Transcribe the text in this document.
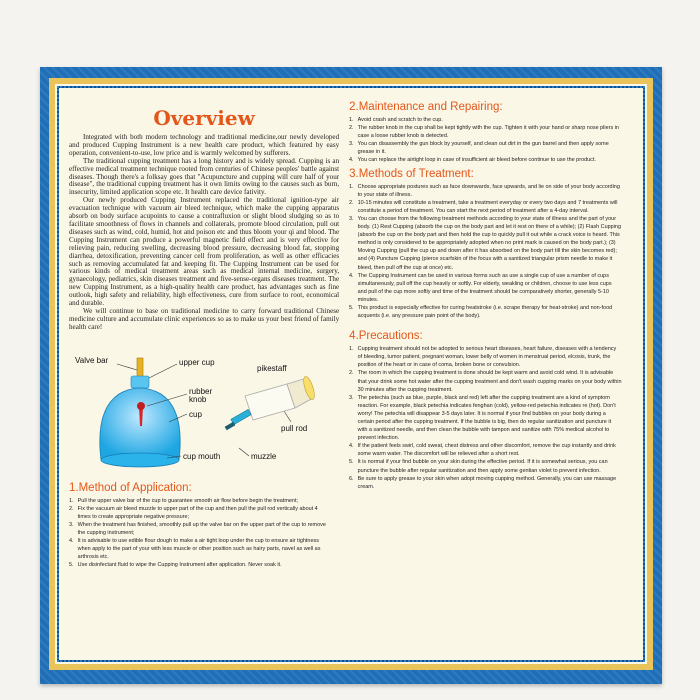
Overview

Integrated with both modern technology and traditional medicine,our newly developed and produced Cupping Instrument is a new health care product, which featured by easy operation, convenient-to-use, low price and is warmly welcomed by sufferers.

The traditional cupping treatment has a long history and is widely spread. Cupping is an effective medical treatment technique rooted from centuries of Chinese peoples' battle against diseases. Though there's a folksay goes that "Acupuncture and cupping will cure half of your disease", the traditional cupping treatment has it own limits owing to the causes such as burn, insecurity, limited application scope etc. It health care device fativity.

Our newly produced Cupping Instrument replaced the traditional ignition-type air evacuation technique with vacuum air bleed technique, which make the cupping apparatus absorb on body surface acupoints to cause a contrafluxion or slight blood sludging so as to facilitate smoothness of flows in channels and collaterals, promote blood circulation, pull out diseases such as wind, cold, humid, hot and poison etc and thus bloom your qi and blood. The Cupping Instrument can produce a powerful magnetic field effect and is very effective for relieving pain, reducing swelling, decreasing blood pressure, decreasing blood fat, stopping diarrhea, detoxification, preventing cancer cell from proliferation, as well as other efficacies such as removing accumulated fat and keeping fit. The Cupping Instrument can be used for various kinds of medical treatment areas such as medical internal medicine, surgery, gynaecology, pediatrics, skin diseases treatment and five-sense-organs diseases treatment. The new Cupping Instrument, as a high-quality health care product, has advantages such as fine outlook, high safety and reliability, high effectiveness, cure from surface to root, economical and durable.

We will continue to base on traditional medicine to carry forward traditional Chinese medicine culture and accumulate clinic experiences so as to make us your best friend of family health care!

Valve bar	upper cup
rubber
knob
cup
cup mouth
pikestaff
pull rod
muzzle
1.Method of Application:
1. Pull the upper valve bar of the cup to guarantee smooth air flow before begin the treatment;
2. Fix the vacuum air bleed muzzle to upper part of the cup and then pull the pull rod vertically about 4 times to create appropriate negative pressure;
3. When the treatment has finished, smoothly pull up the valve bar on the upper part of the cup to remove the cupping instrument;
4. It is advisable to use edible flour dough to make a air tight loop under the cup to ensure air tightness when apply to the part of your with less muscle or other position such as hairy parts, navel as well as arthrosis etc.
5. Use disinfectant fluid to wipe the Cupping Instrument after application. Never soak it.
2.Maintenance and Repairing:
1. Avoid crash and scratch to the cup.
2. The rubber knob in the cup shall be kept tightly with the cup. Tighten it with your hand or sharp nose pliers in case a loose rubber knob is detected.
3. You can disassembly the gun block by yourself, and clean out dirt in the gun barrel and then apply some grease in it.
4. You can replace the airtight loop in case of insufficient air bleed before continue to use the product.
3.Methods of Treatment:
1. Choose appropriate postures such as face downwards, face upwards, and lie on side of your body according to your state of illness.
2. 10-15 minutes will constitute a treatment, take a treatment everyday or every two days and 7 treatments will constitute a period of treatment. You can start the next period of treatment after a 4-day interval.
3. You can choose from the following treatment methods according to your state of illness and the part of your body. (1) Rest Cupping (absorb the cup on the body part and let it rest on there of a while); (2) Flash Cupping (absorb the cup on the body part and then hold the cup to quickly pull it out while a crack voice is heard. This method is only considered to be appropriately adopted when no print mark is caused on the body part.); (3) Moving Cupping (pull the cup up and down after it has absorbed on the body part till the skin becomes red); and (4) Puncture Cupping (pierce scarfskin of the focus with a sanitized triangular prism needle to make it bleed, then pull off the cup at once) etc.
4. The Cupping Instrument can be used in various forms such as use a single cup of use a number of cups simultaneously, pull off the cup heavily or softly. For elderly, weakling or children, choose to use less cups and pull of the cup more softly and time of the treatment should be comparatively shorter, generally 5-10 minutes.
5. This product is especially effective for curing heatstroke (i.e. scrape therapy for heat-stroke) and non-food acquents (i.e. any pressure pain point of the body).
4.Precautions:
1. Cupping treatment should not be adopted to serious heart diseases, heart failure, diseases with a tendency of bleeding, tumor patient, pregnant woman, lower belly of women in menstrual period, elcosis, trunk, the position of the heart or in case of coma, broken bone or convulsion.
2. The room in which the cupping treatment is done should be kept warm and avoid cold wind. It is advisable that your drink some hot water after the cupping treatment and don't wash cupping marks on your body within 30 minutes after the cupping treatment.
3. The petechia (such as blue, purple, black and red) left after the cupping treatment are a kind of symptom reaction. For example, black petechia indicates fenghan (cold), yellow-red petechia indicates re (hot). Don't worry! The petechia will disappear 3-5 days later. It is normal if your find bubbles on your body during a certain period after the cupping treatment. If the bubble is big, then do regular sanitization and puncture it with a sanitized needle, and then clean the bubble with tampon and sanitize with 75% medical alcohol to prevent infection.
4. If the patient feels swirl, cold sweat, chest distress and other discomfort, remove the cup instantly and drink some warm water. The discomfort will be relieved after a short rest.
5. It is normal if your find bubble on your skin during the effective period. If it is somewhat serious, you can puncture the bubble after regular sanitization and then apply some gentian violet to prevent infection.
6. Be sure to apply grease to your skin when adopt moving cupping method. Generally, you can use massage cream.
